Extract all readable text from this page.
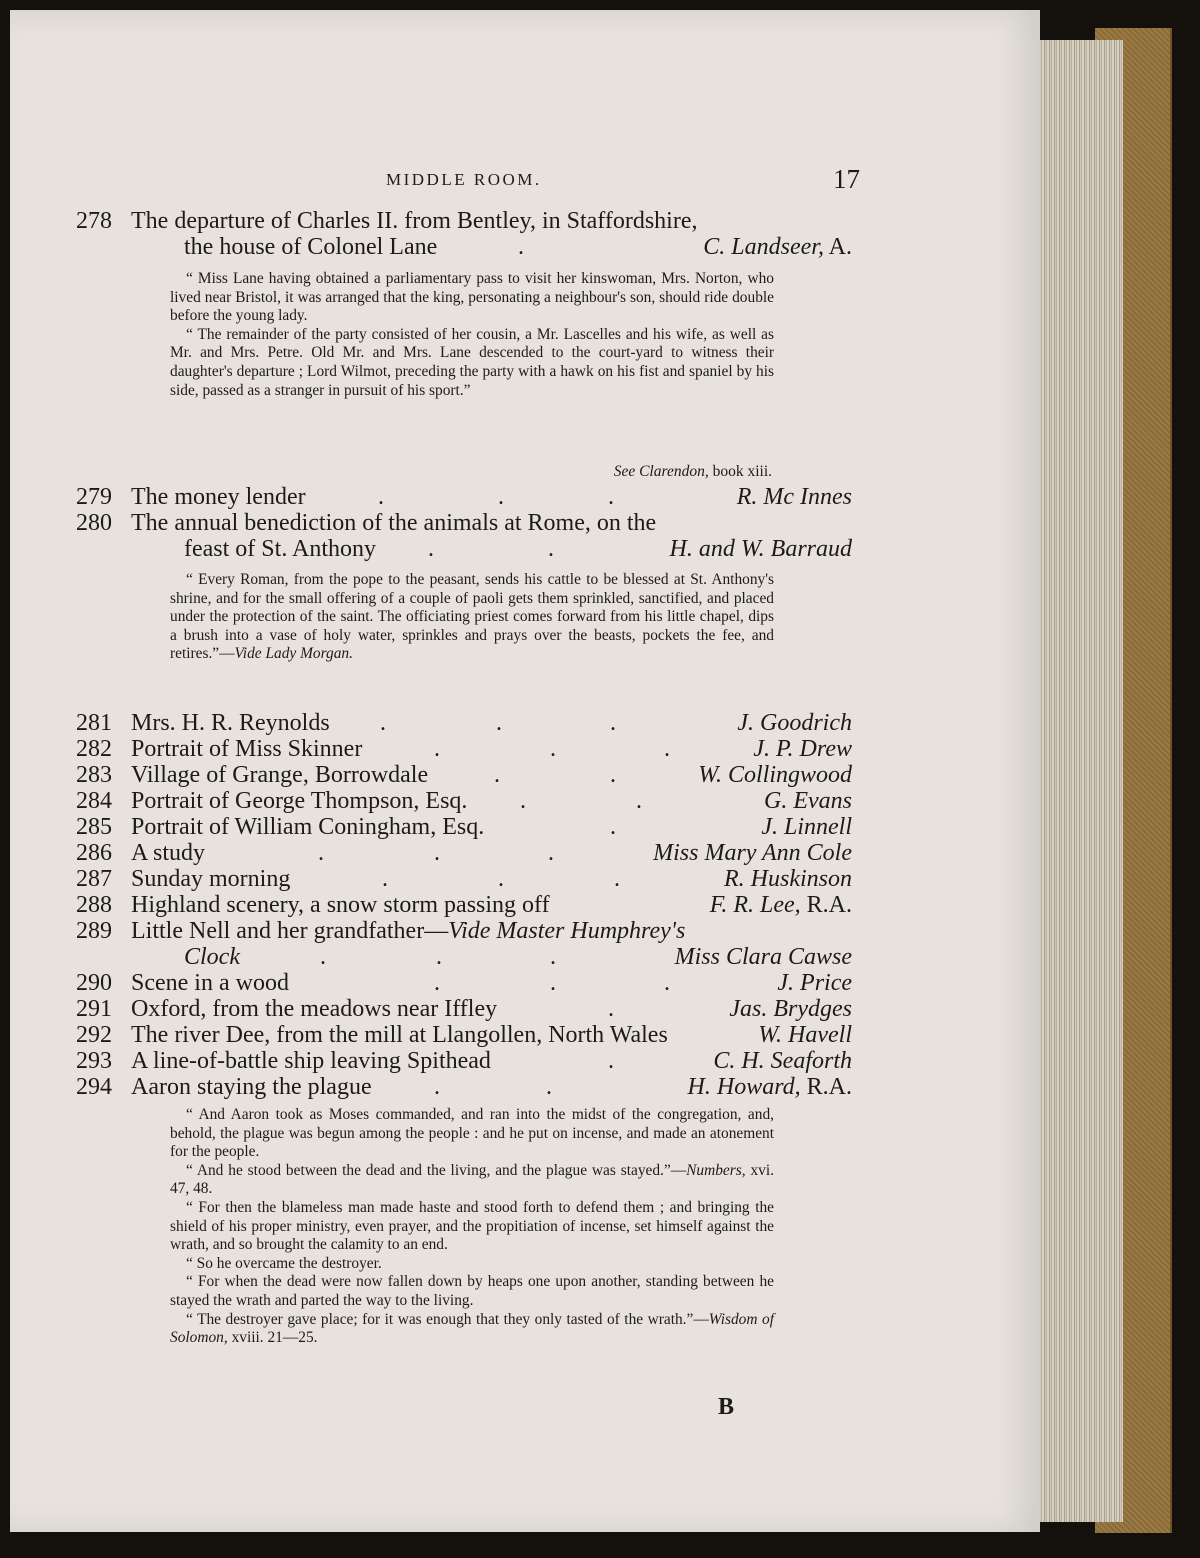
MIDDLE ROOM.	17
278 The departure of Charles II. from Bentley, in Staffordshire,
the house of Colonel Lane	.	C. Landseer, A.

“ Miss Lane having obtained a parliamentary pass to visit her kinswoman, Mrs. Norton, who lived near Bristol, it was arranged that the king, personating a neighbour's son, should ride double before the young lady.

“ The remainder of the party consisted of her cousin, a Mr. Lascelles and his wife, as well as Mr. and Mrs. Petre. Old Mr. and Mrs. Lane descended to the court-yard to witness their daughter's departure ; Lord Wilmot, preceding the party with a hawk on his fist and spaniel by his side, passed as a stranger in pursuit of his sport.”

See Clarendon, book xiii.
279 The money lender	.	.	.	R. Mc Innes
280 The annual benediction of the animals at Rome, on the
feast of St. Anthony .	.	H. and W. Barraud

“ Every Roman, from the pope to the peasant, sends his cattle to be blessed at St. Anthony's shrine, and for the small offering of a couple of paoli gets them sprinkled, sanctified, and placed under the protection of the saint. The officiating priest comes forward from his little chapel, dips a brush into a vase of holy water, sprinkles and prays over the beasts, pockets the fee, and retires.”—Vide Lady Morgan.

281 Mrs. H. R. Reynolds .	.	.	J. Goodrich
282 Portrait of Miss Skinner	.	.	.	J. P. Drew
283 Village of Grange, Borrowdale	.	.	W. Collingwood
284 Portrait of George Thompson, Esq. .	.	G. Evans
285 Portrait of William Coningham, Esq.	.	J. Linnell
286 A study	.	.	.	Miss Mary Ann Cole
287 Sunday morning	.	.	.	R. Huskinson
288 Highland scenery, a snow storm passing off	F. R. Lee, R.A.
289 Little Nell and her grandfather—Vide Master Humphrey's
Clock	.	.	.	Miss Clara Cawse
290 Scene in a wood	.	.	.	J. Price
291 Oxford, from the meadows near Iffley	.	Jas. Brydges
292 The river Dee, from the mill at Llangollen, North Wales	W. Havell
293 A line-of-battle ship leaving Spithead	.	C. H. Seaforth
294 Aaron staying the plague	.	.	H. Howard, R.A.

“ And Aaron took as Moses commanded, and ran into the midst of the congregation, and, behold, the plague was begun among the people : and he put on incense, and made an atonement for the people.

“ And he stood between the dead and the living, and the plague was stayed.”—Numbers, xvi. 47, 48.

“ For then the blameless man made haste and stood forth to defend them ; and bringing the shield of his proper ministry, even prayer, and the propitiation of incense, set himself against the wrath, and so brought the calamity to an end.

“ So he overcame the destroyer.

“ For when the dead were now fallen down by heaps one upon another, standing between he stayed the wrath and parted the way to the living.

“ The destroyer gave place; for it was enough that they only tasted of the wrath.”—Wisdom of Solomon, xviii. 21—25.

B
